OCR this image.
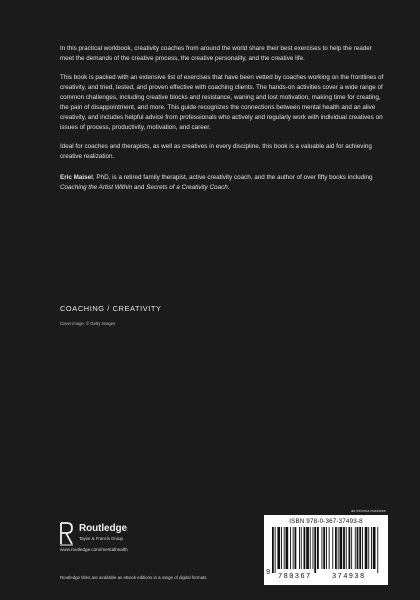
In this practical workbook, creativity coaches from around the world share their best exercises to help the reader meet the demands of the creative process, the creative personality, and the creative life.

This book is packed with an extensive list of exercises that have been vetted by coaches working on the frontlines of creativity, and tried, tested, and proven effective with coaching clients. The hands-on activities cover a wide range of common challenges, including creative blocks and resistance, waning and lost motivation, making time for creating, the pain of disappointment, and more. This guide recognizes the connections between mental health and an alive creativity, and includes helpful advice from professionals who actively and regularly work with individual creatives on issues of process, productivity, motivation, and career.

Ideal for coaches and therapists, as well as creatives in every discipline, this book is a valuable aid for achieving creative realization.

Eric Maisel, PhD, is a retired family therapist, active creativity coach, and the author of over fifty books including Coaching the Artist Within and Secrets of a Creativity Coach.

COACHING / CREATIVITY
Cover image: © Getty Images
an informa business
Routledge
Taylor & Francis Group
www.routledge.com/mentalhealth
Routledge titles are available as eBook editions in a range of digital formats
ISBN 978-0-367-37493-8
9 780367	374938
